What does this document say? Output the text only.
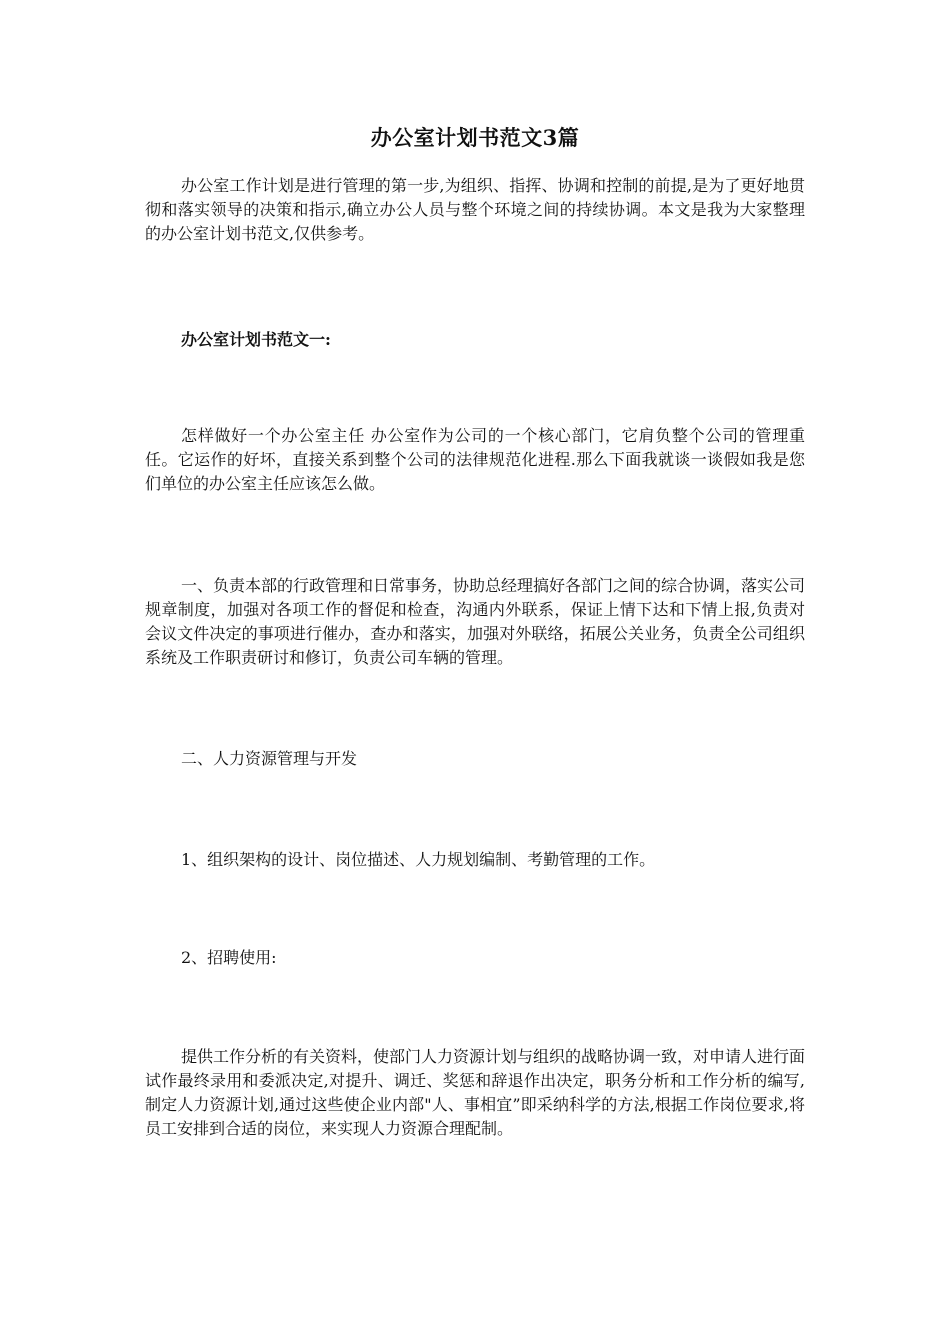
办公室计划书范文3篇
办公室工作计划是进行管理的第一步,为组织、指挥、协调和控制的前提,是为了更好地贯彻和落实领导的决策和指示,确立办公人员与整个环境之间的持续协调。本文是我为大家整理的办公室计划书范文,仅供参考。
办公室计划书范文一:
怎样做好一个办公室主任 办公室作为公司的一个核心部门，它肩负整个公司的管理重任。它运作的好坏，直接关系到整个公司的法律规范化进程.那么下面我就谈一谈假如我是您们单位的办公室主任应该怎么做。
一、负责本部的行政管理和日常事务，协助总经理搞好各部门之间的综合协调，落实公司规章制度，加强对各项工作的督促和检查，沟通内外联系，保证上情下达和下情上报,负责对会议文件决定的事项进行催办，查办和落实，加强对外联络，拓展公关业务，负责全公司组织系统及工作职责研讨和修订，负责公司车辆的管理。
二、人力资源管理与开发
1、组织架构的设计、岗位描述、人力规划编制、考勤管理的工作。
2、招聘使用:
提供工作分析的有关资料，使部门人力资源计划与组织的战略协调一致，对申请人进行面试作最终录用和委派决定,对提升、调迁、奖惩和辞退作出决定，职务分析和工作分析的编写,制定人力资源计划,通过这些使企业内部"人、事相宜”即采纳科学的方法,根据工作岗位要求,将员工安排到合适的岗位，来实现人力资源合理配制。
